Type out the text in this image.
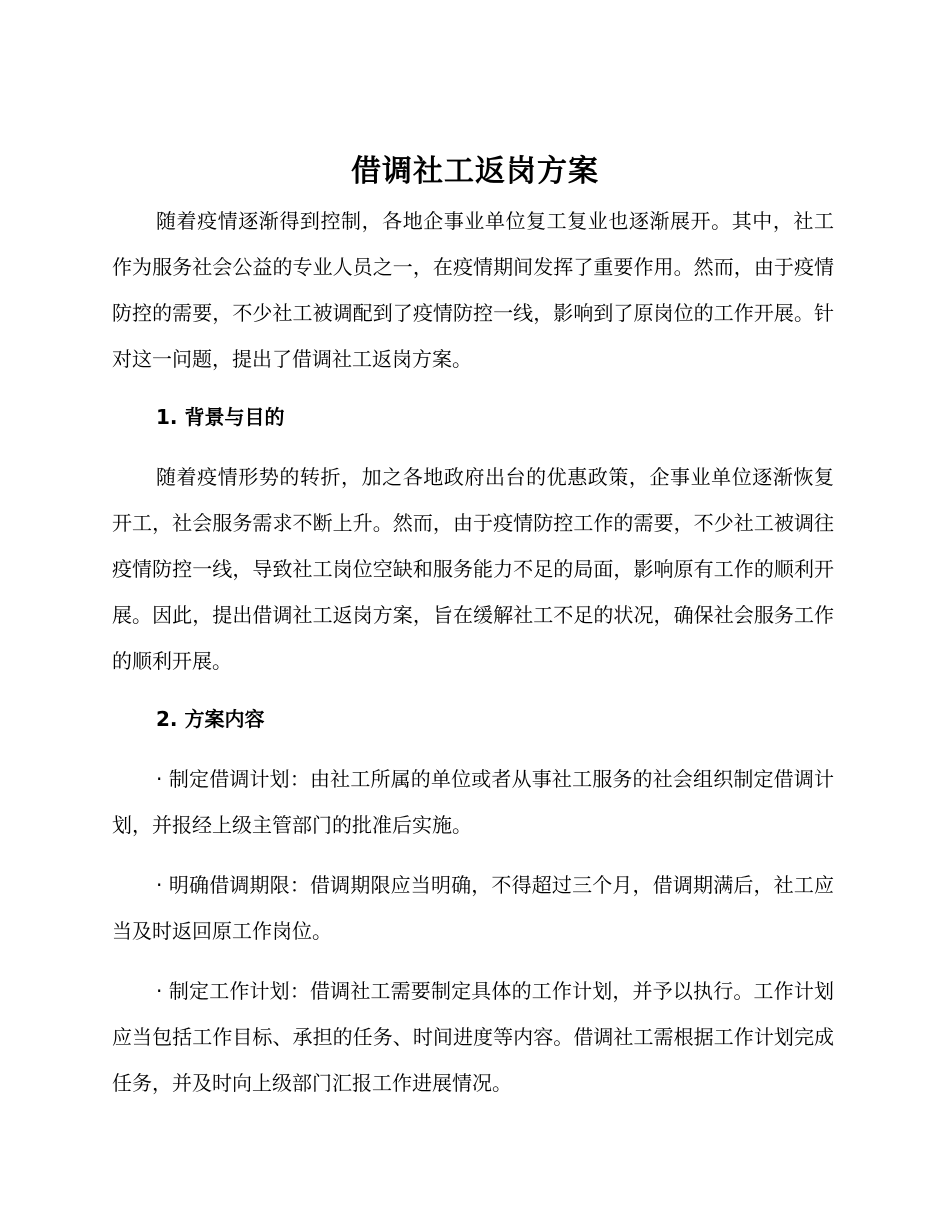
借调社工返岗方案

随着疫情逐渐得到控制，各地企事业单位复工复业也逐渐展开。其中，社工作为服务社会公益的专业人员之一，在疫情期间发挥了重要作用。然而，由于疫情防控的需要，不少社工被调配到了疫情防控一线，影响到了原岗位的工作开展。针对这一问题，提出了借调社工返岗方案。

1. 背景与目的

随着疫情形势的转折，加之各地政府出台的优惠政策，企事业单位逐渐恢复开工，社会服务需求不断上升。然而，由于疫情防控工作的需要，不少社工被调往疫情防控一线，导致社工岗位空缺和服务能力不足的局面，影响原有工作的顺利开展。因此，提出借调社工返岗方案，旨在缓解社工不足的状况，确保社会服务工作的顺利开展。

2. 方案内容

· 制定借调计划：由社工所属的单位或者从事社工服务的社会组织制定借调计划，并报经上级主管部门的批准后实施。

· 明确借调期限：借调期限应当明确，不得超过三个月，借调期满后，社工应当及时返回原工作岗位。

· 制定工作计划：借调社工需要制定具体的工作计划，并予以执行。工作计划应当包括工作目标、承担的任务、时间进度等内容。借调社工需根据工作计划完成任务，并及时向上级部门汇报工作进展情况。
